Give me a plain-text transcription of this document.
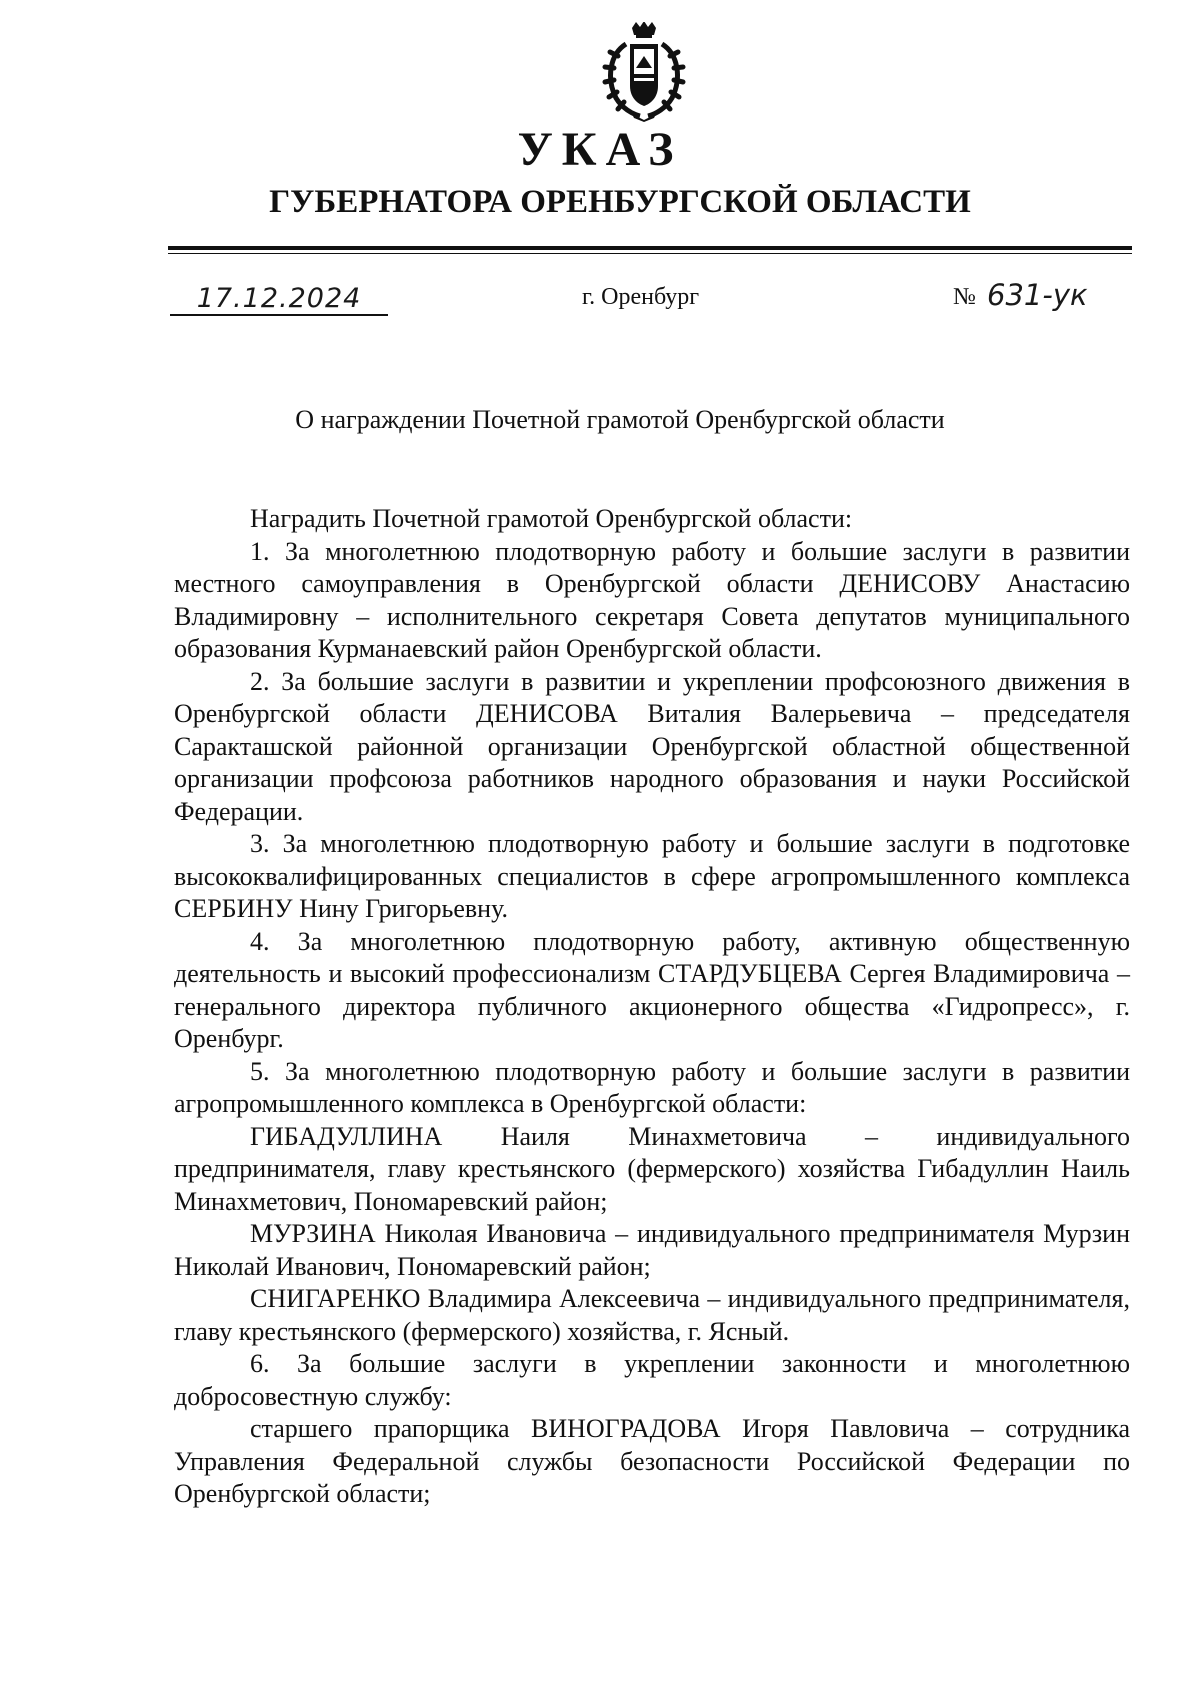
УКАЗ
ГУБЕРНАТОРА ОРЕНБУРГСКОЙ ОБЛАСТИ
17.12.2024	г. Оренбург	№ 631-ук
О награждении Почетной грамотой Оренбургской области

Наградить Почетной грамотой Оренбургской области:

1. За многолетнюю плодотворную работу и большие заслуги в развитии местного самоуправления в Оренбургской области ДЕНИСОВУ Анастасию Владимировну – исполнительного секретаря Совета депутатов муниципального образования Курманаевский район Оренбургской области.

2. За большие заслуги в развитии и укреплении профсоюзного движения в Оренбургской области ДЕНИСОВА Виталия Валерьевича – председателя Саракташской районной организации Оренбургской областной общественной организации профсоюза работников народного образования и науки Российской Федерации.

3. За многолетнюю плодотворную работу и большие заслуги в подготовке высококвалифицированных специалистов в сфере агропромышленного комплекса СЕРБИНУ Нину Григорьевну.

4. За многолетнюю плодотворную работу, активную общественную деятельность и высокий профессионализм СТАРДУБЦЕВА Сергея Владимировича – генерального директора публичного акционерного общества «Гидропресс», г. Оренбург.

5. За многолетнюю плодотворную работу и большие заслуги в развитии агропромышленного комплекса в Оренбургской области:

ГИБАДУЛЛИНА Наиля Минахметовича – индивидуального предпринимателя, главу крестьянского (фермерского) хозяйства Гибадуллин Наиль Минахметович, Пономаревский район;

МУРЗИНА Николая Ивановича – индивидуального предпринимателя Мурзин Николай Иванович, Пономаревский район;

СНИГАРЕНКО Владимира Алексеевича – индивидуального предпринимателя, главу крестьянского (фермерского) хозяйства, г. Ясный.

6. За большие заслуги в укреплении законности и многолетнюю добросовестную службу:

старшего прапорщика ВИНОГРАДОВА Игоря Павловича – сотрудника Управления Федеральной службы безопасности Российской Федерации по Оренбургской области;
